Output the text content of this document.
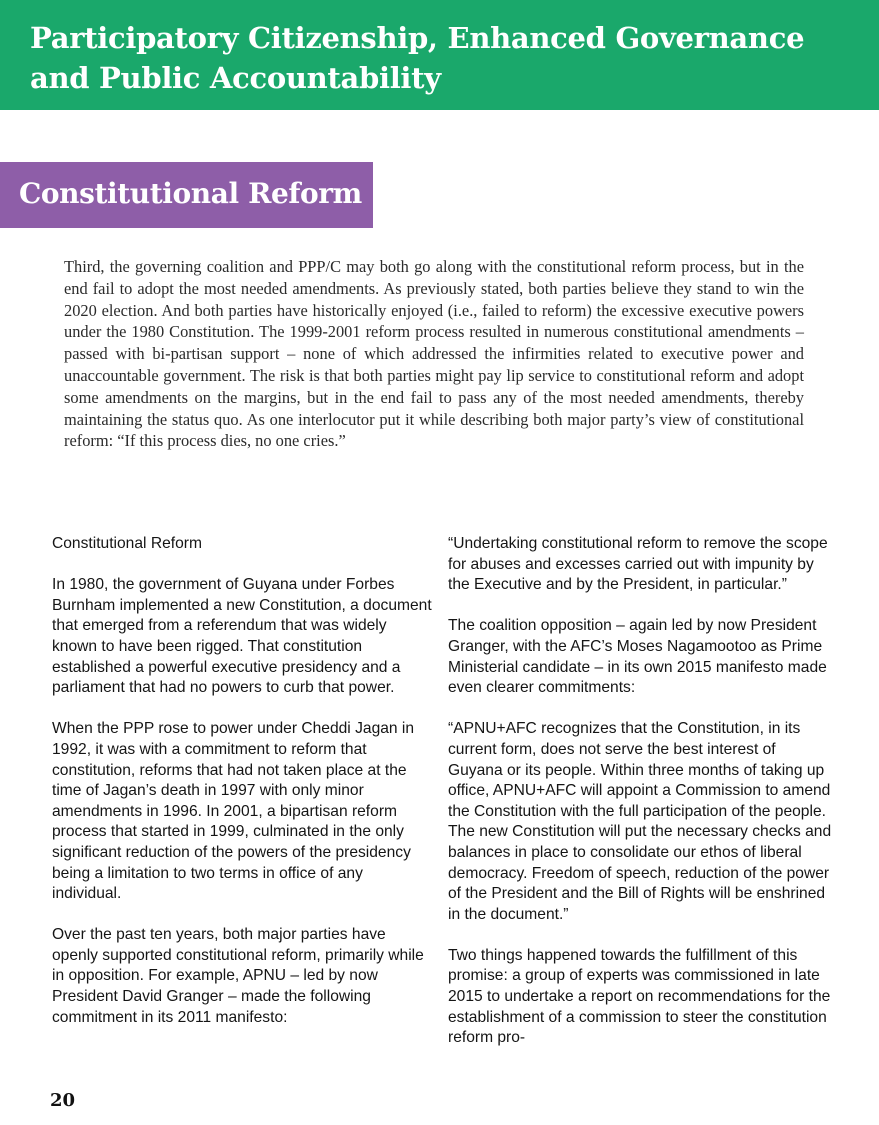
Participatory Citizenship, Enhanced Governance and Public Accountability
Constitutional Reform

Third, the governing coalition and PPP/C may both go along with the constitutional reform process, but in the end fail to adopt the most needed amendments. As previously stated, both parties believe they stand to win the 2020 election. And both parties have historically enjoyed (i.e., failed to reform) the excessive executive powers under the 1980 Constitution. The 1999-2001 reform process resulted in numerous constitutional amendments – passed with bi-partisan support – none of which addressed the infirmities related to executive power and unaccountable government. The risk is that both parties might pay lip service to constitutional reform and adopt some amendments on the margins, but in the end fail to pass any of the most needed amendments, thereby maintaining the status quo. As one interlocutor put it while describing both major party’s view of constitutional reform: “If this process dies, no one cries.”

Constitutional Reform

In 1980, the government of Guyana under Forbes Burnham implemented a new Constitution, a document that emerged from a referendum that was widely known to have been rigged. That constitution established a powerful executive presidency and a parliament that had no powers to curb that power.

When the PPP rose to power under Cheddi Jagan in 1992, it was with a commitment to reform that constitution, reforms that had not taken place at the time of Jagan’s death in 1997 with only minor amendments in 1996. In 2001, a bipartisan reform process that started in 1999, culminated in the only significant reduction of the powers of the presidency being a limitation to two terms in office of any individual.

Over the past ten years, both major parties have openly supported constitutional reform, primarily while in opposition. For example, APNU – led by now President David Granger – made the following commitment in its 2011 manifesto:

“Undertaking constitutional reform to remove the scope for abuses and excesses carried out with impunity by the Executive and by the President, in particular.”

The coalition opposition – again led by now President Granger, with the AFC’s Moses Nagamootoo as Prime Ministerial candidate – in its own 2015 manifesto made even clearer commitments:

“APNU+AFC recognizes that the Constitution, in its current form, does not serve the best interest of Guyana or its people. Within three months of taking up office, APNU+AFC will appoint a Commission to amend the Constitution with the full participation of the people. The new Constitution will put the necessary checks and balances in place to consolidate our ethos of liberal democracy. Freedom of speech, reduction of the power of the President and the Bill of Rights will be enshrined in the document.”

Two things happened towards the fulfillment of this promise: a group of experts was commissioned in late 2015 to undertake a report on recommendations for the establishment of a commission to steer the constitution reform pro-

20
